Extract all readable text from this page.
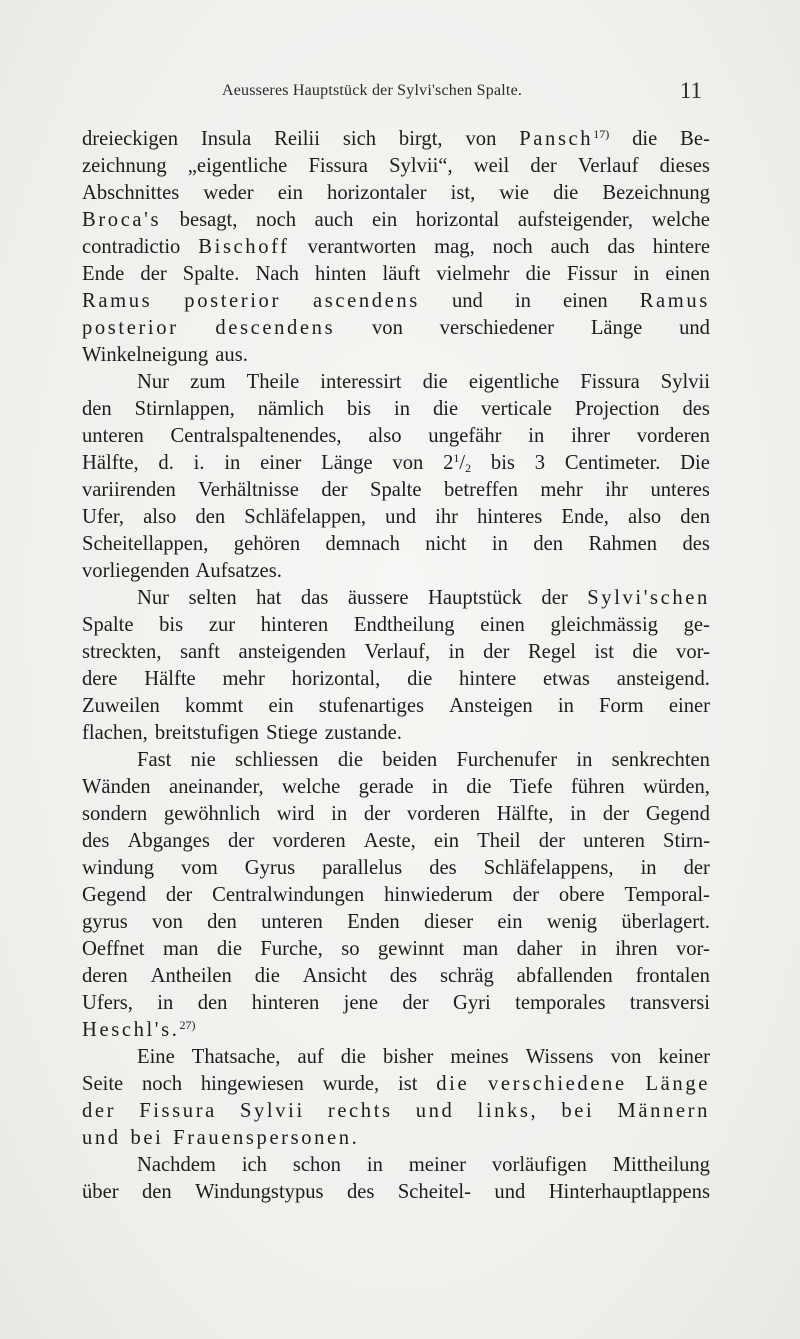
Aeusseres Hauptstück der Sylvi'schen Spalte.	11
dreieckigen Insula Reilii sich birgt, von Pansch$^{17)}$ die Be-
zeichnung „eigentliche Fissura Sylvii“, weil der Verlauf dieses
Abschnittes weder ein horizontaler ist, wie die Bezeichnung
Broca's besagt, noch auch ein horizontal aufsteigender, welche
contradictio Bischoff verantworten mag, noch auch das hintere
Ende der Spalte. Nach hinten läuft vielmehr die Fissur in einen
Ramus posterior ascendens und in einen Ramus
posterior descendens von verschiedener Länge und
Winkelneigung aus.
Nur zum Theile interessirt die eigentliche Fissura Sylvii
den Stirnlappen, nämlich bis in die verticale Projection des
unteren Centralspaltenendes, also ungefähr in ihrer vorderen
Hälfte, d. i. in einer Länge von $2^1/_2$ bis 3 Centimeter. Die
variirenden Verhältnisse der Spalte betreffen mehr ihr unteres
Ufer, also den Schläfelappen, und ihr hinteres Ende, also den
Scheitellappen, gehören demnach nicht in den Rahmen des
vorliegenden Aufsatzes.
Nur selten hat das äussere Hauptstück der Sylvi'schen
Spalte bis zur hinteren Endtheilung einen gleichmässig ge-
streckten, sanft ansteigenden Verlauf, in der Regel ist die vor-
dere Hälfte mehr horizontal, die hintere etwas ansteigend.
Zuweilen kommt ein stufenartiges Ansteigen in Form einer
flachen, breitstufigen Stiege zustande.
Fast nie schliessen die beiden Furchenufer in senkrechten
Wänden aneinander, welche gerade in die Tiefe führen würden,
sondern gewöhnlich wird in der vorderen Hälfte, in der Gegend
des Abganges der vorderen Aeste, ein Theil der unteren Stirn-
windung vom Gyrus parallelus des Schläfelappens, in der
Gegend der Centralwindungen hinwiederum der obere Temporal-
gyrus von den unteren Enden dieser ein wenig überlagert.
Oeffnet man die Furche, so gewinnt man daher in ihren vor-
deren Antheilen die Ansicht des schräg abfallenden frontalen
Ufers, in den hinteren jene der Gyri temporales transversi
Heschl's.$^{27)}$
Eine Thatsache, auf die bisher meines Wissens von keiner
Seite noch hingewiesen wurde, ist die verschiedene Länge
der Fissura Sylvii rechts und links, bei Männern
und bei Frauenspersonen.
Nachdem ich schon in meiner vorläufigen Mittheilung
über den Windungstypus des Scheitel- und Hinterhauptlappens
